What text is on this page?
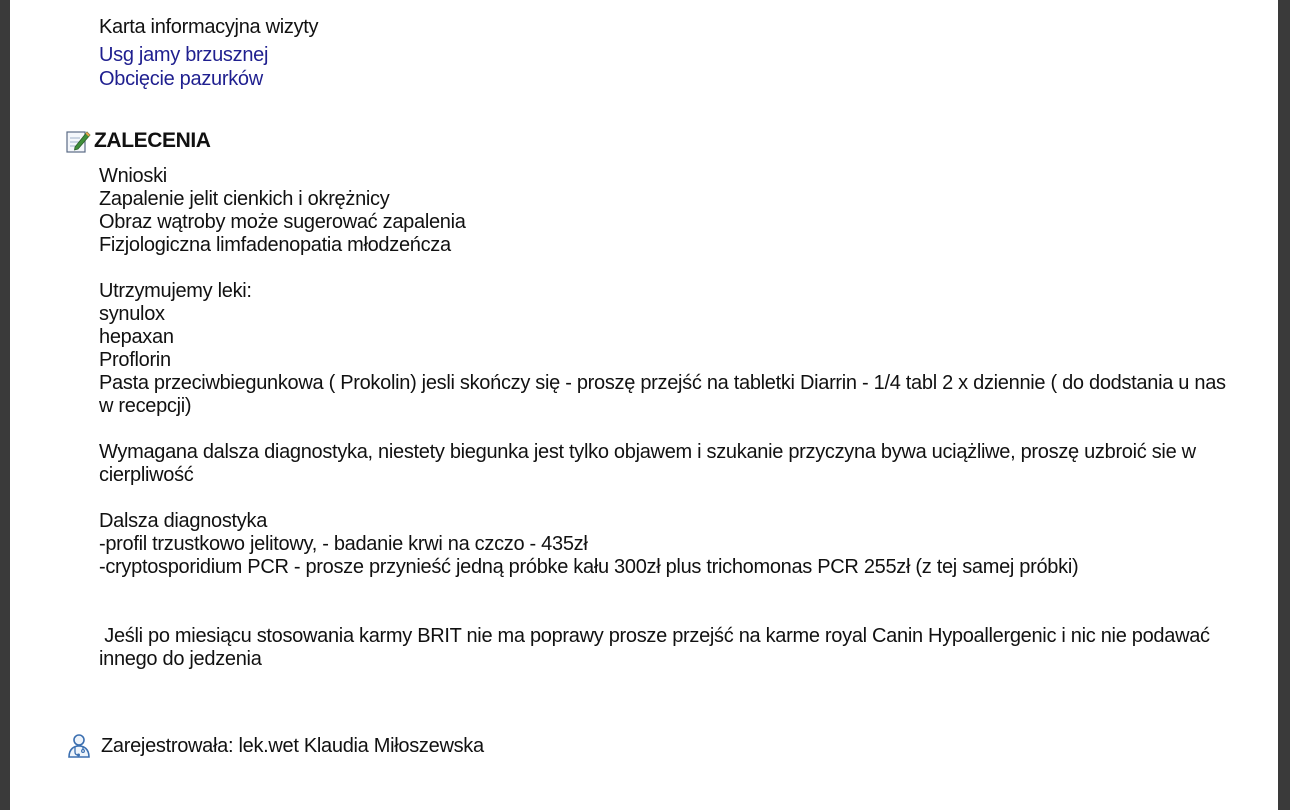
Karta informacyjna wizyty
Usg jamy brzusznej
Obcięcie pazurków
ZALECENIA
Wnioski
Zapalenie jelit cienkich i okrężnicy
Obraz wątroby może sugerować zapalenia
Fizjologiczna limfadenopatia młodzeńcza
Utrzymujemy leki:
synulox
hepaxan
Proflorin
Pasta przeciwbiegunkowa ( Prokolin) jesli skończy się - proszę przejść na tabletki Diarrin - 1/4 tabl 2 x dziennie ( do dodstania u nas w recepcji)
Wymagana dalsza diagnostyka, niestety biegunka jest tylko objawem i szukanie przyczyna bywa uciążliwe, proszę uzbroić sie w cierpliwość
Dalsza diagnostyka
-profil trzustkowo jelitowy, - badanie krwi na czczo - 435zł
-cryptosporidium PCR - prosze przynieść jedną próbke kału 300zł plus trichomonas PCR 255zł (z tej samej próbki)
Jeśli po miesiącu stosowania karmy BRIT nie ma poprawy prosze przejść na karme royal Canin Hypoallergenic i nic nie podawać innego do jedzenia
Zarejestrowała: lek.wet Klaudia Miłoszewska
